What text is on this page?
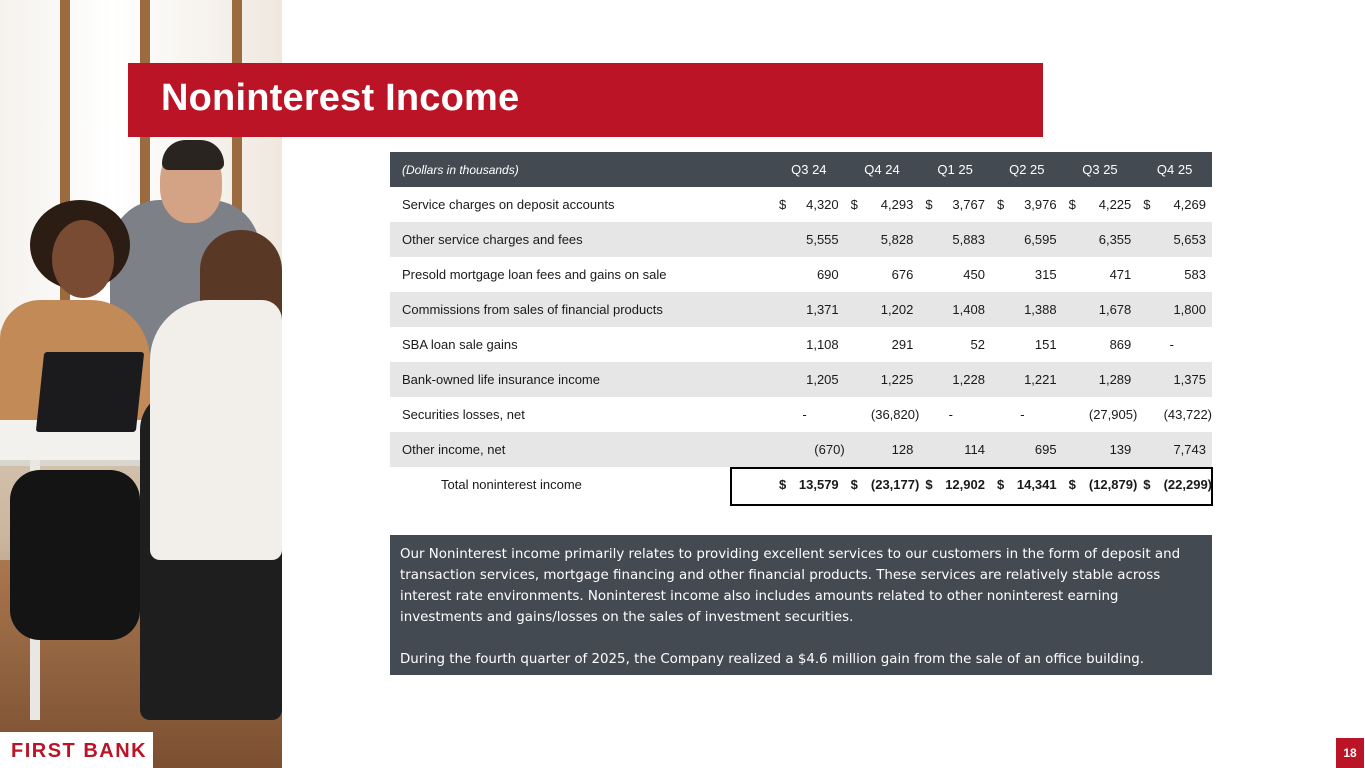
Noninterest Income
(Dollars in thousands)	Q3 24		Q4 24		Q1 25		Q2 25		Q3 25		Q4 25	
Service charges on deposit accounts	$	4,320	$	4,293	$	3,767	$	3,976	$	4,225	$	4,269
Other service charges and fees		5,555		5,828		5,883		6,595		6,355		5,653
Presold mortgage loan fees and gains on sale		690		676		450		315		471		583
Commissions from sales of financial products		1,371		1,202		1,408		1,388		1,678		1,800
SBA loan sale gains		1,108		291		52		151		869		-
Bank-owned life insurance income		1,205		1,225		1,228		1,221		1,289		1,375
Securities losses, net		-		(36,820)		-		-		(27,905)		(43,722)
Other income, net		(670)		128		114		695		139		7,743
Total noninterest income	$	13,579	$	(23,177)	$	12,902	$	14,341	$	(12,879)	$	(22,299)

Our Noninterest income primarily relates to providing excellent services to our customers in the form of deposit and transaction services, mortgage financing and other financial products. These services are relatively stable across interest rate environments. Noninterest income also includes amounts related to other noninterest earning investments and gains/losses on the sales of investment securities.

During the fourth quarter of 2025, the Company realized a $4.6 million gain from the sale of an office building.

FIRST BANK	18
